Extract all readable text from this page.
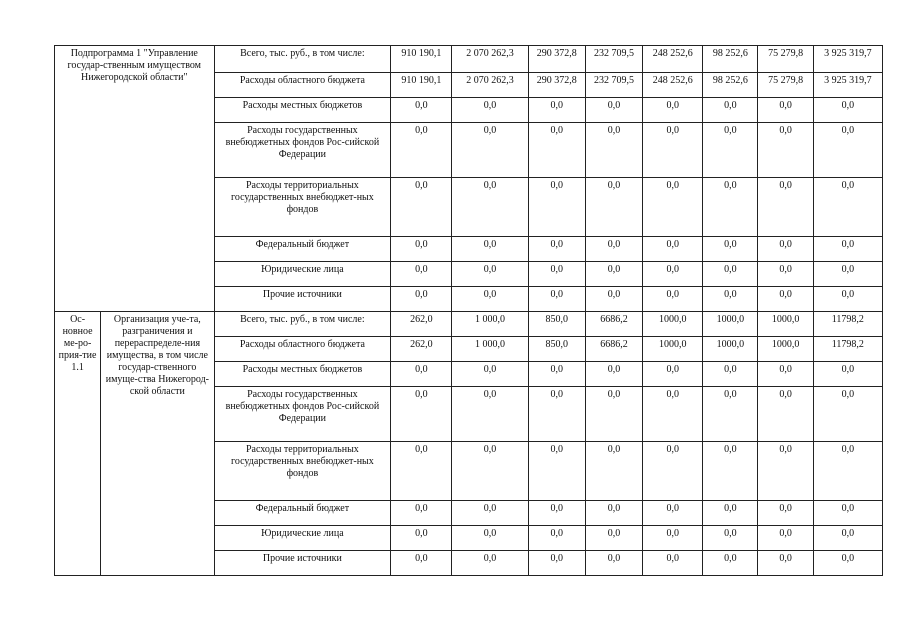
Подпрограмма 1 "Управление государ-ственным имуществом Нижегородской области"		Всего, тыс. руб., в том числе:	910 190,1	2 070 262,3	290 372,8	232 709,5	248 252,6	98 252,6	75 279,8	3 925 319,7
		Расходы областного бюджета	910 190,1	2 070 262,3	290 372,8	232 709,5	248 252,6	98 252,6	75 279,8	3 925 319,7
		Расходы местных бюджетов	0,0	0,0	0,0	0,0	0,0	0,0	0,0	0,0
		Расходы государственных внебюджетных фондов Рос-сийской Федерации	0,0	0,0	0,0	0,0	0,0	0,0	0,0	0,0
		Расходы территориальных государственных внебюджет-ных фондов	0,0	0,0	0,0	0,0	0,0	0,0	0,0	0,0
		Федеральный бюджет	0,0	0,0	0,0	0,0	0,0	0,0	0,0	0,0
		Юридические лица	0,0	0,0	0,0	0,0	0,0	0,0	0,0	0,0
		Прочие источники	0,0	0,0	0,0	0,0	0,0	0,0	0,0	0,0
Ос-новное ме-ро-прия-тие 1.1	Организация уче-та, разграничения и перераспределе-ния имущества, в том числе государ-ственного имуще-ства Нижегород-ской области	Всего, тыс. руб., в том числе:	262,0	1 000,0	850,0	6686,2	1000,0	1000,0	1000,0	11798,2
		Расходы областного бюджета	262,0	1 000,0	850,0	6686,2	1000,0	1000,0	1000,0	11798,2
		Расходы местных бюджетов	0,0	0,0	0,0	0,0	0,0	0,0	0,0	0,0
		Расходы государственных внебюджетных фондов Рос-сийской Федерации	0,0	0,0	0,0	0,0	0,0	0,0	0,0	0,0
		Расходы территориальных государственных внебюджет-ных фондов	0,0	0,0	0,0	0,0	0,0	0,0	0,0	0,0
		Федеральный бюджет	0,0	0,0	0,0	0,0	0,0	0,0	0,0	0,0
		Юридические лица	0,0	0,0	0,0	0,0	0,0	0,0	0,0	0,0
		Прочие источники	0,0	0,0	0,0	0,0	0,0	0,0	0,0	0,0
